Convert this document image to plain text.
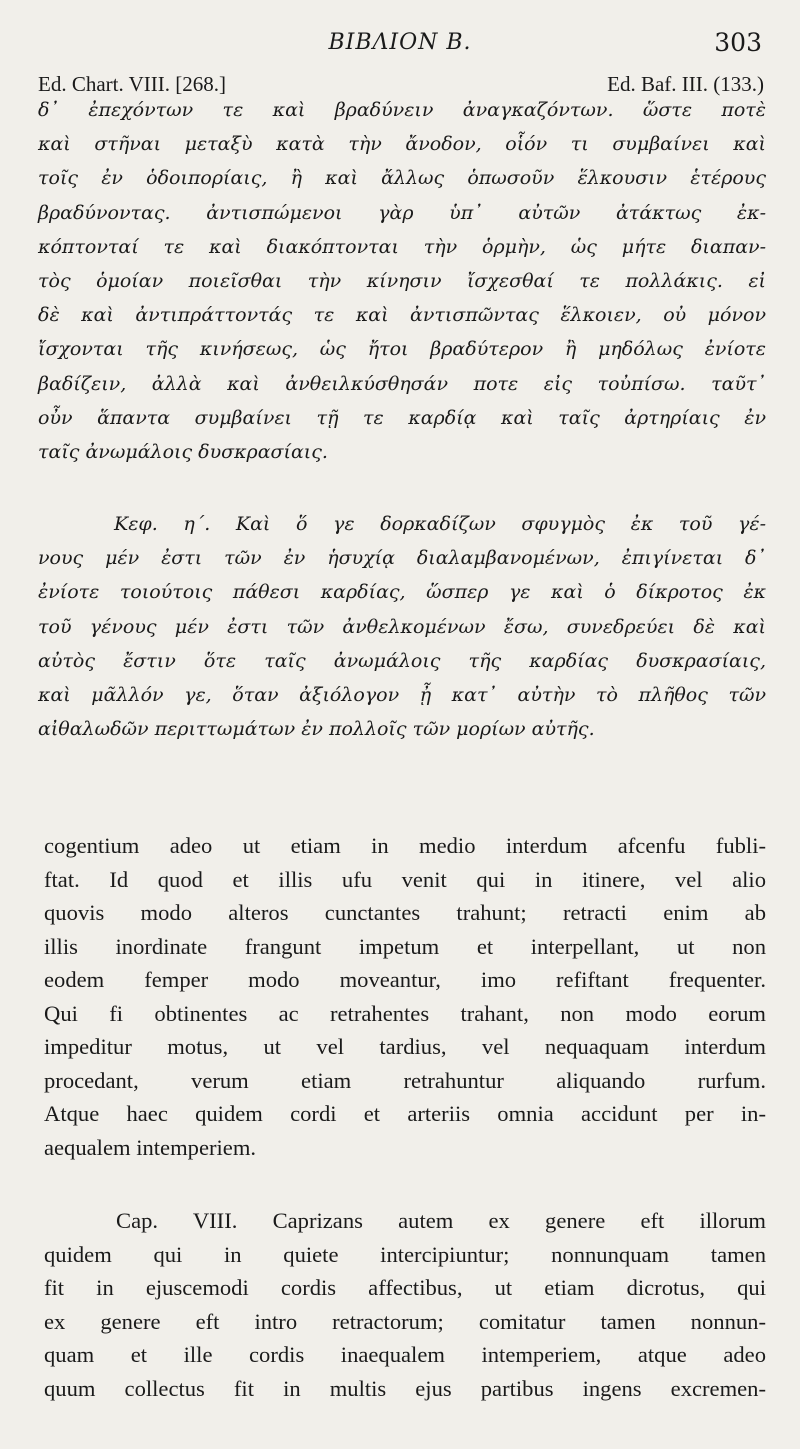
ΒΙΒΛΙΟΝ Β.	303
Ed. Chart. VIII. [268.]	Ed. Baf. III. (133.)
δ᾽ ἐπεχόντων τε καὶ βραδύνειν ἀναγκαζόντων. ὥστε ποτὲ
καὶ στῆναι μεταξὺ κατὰ τὴν ἄνοδον, οἷόν τι συμβαίνει καὶ
τοῖς ἐν ὁδοιπορίαις, ἢ καὶ ἄλλως ὁπωσοῦν ἕλκουσιν ἑτέρους
βραδύνοντας. ἀντισπώμενοι γὰρ ὑπ᾽ αὐτῶν ἀτάκτως ἐκ-
κόπτονταί τε καὶ διακόπτονται τὴν ὁρμὴν, ὡς μήτε διαπαν-
τὸς ὁμοίαν ποιεῖσθαι τὴν κίνησιν ἴσχεσθαί τε πολλάκις. εἰ
δὲ καὶ ἀντιπράττοντάς τε καὶ ἀντισπῶντας ἕλκοιεν, οὐ μόνον
ἴσχονται τῆς κινήσεως, ὡς ἤτοι βραδύτερον ἢ μηδόλως ἐνίοτε
βαδίζειν, ἀλλὰ καὶ ἀνθειλκύσθησάν ποτε εἰς τοὐπίσω. ταῦτ᾽
οὖν ἅπαντα συμβαίνει τῇ τε καρδίᾳ καὶ ταῖς ἀρτηρίαις ἐν
ταῖς ἀνωμάλοις δυσκρασίαις.
Κεφ. η΄. Καὶ ὅ γε δορκαδίζων σφυγμὸς ἐκ τοῦ γέ-
νους μέν ἐστι τῶν ἐν ἡσυχίᾳ διαλαμβανομένων, ἐπιγίνεται δ᾽
ἐνίοτε τοιούτοις πάθεσι καρδίας, ὥσπερ γε καὶ ὁ δίκροτος ἐκ
τοῦ γένους μέν ἐστι τῶν ἀνθελκομένων ἔσω, συνεδρεύει δὲ καὶ
αὐτὸς ἔστιν ὅτε ταῖς ἀνωμάλοις τῆς καρδίας δυσκρασίαις,
καὶ μᾶλλόν γε, ὅταν ἀξιόλογον ᾖ κατ᾽ αὐτὴν τὸ πλῆθος τῶν
αἰθαλωδῶν περιττωμάτων ἐν πολλοῖς τῶν μορίων αὐτῆς.
cogentium adeo ut etiam in medio interdum afcenfu fubli-
ftat. Id quod et illis ufu venit qui in itinere, vel alio
quovis modo alteros cunctantes trahunt; retracti enim ab
illis inordinate frangunt impetum et interpellant, ut non
eodem femper modo moveantur, imo refiftant frequenter.
Qui fi obtinentes ac retrahentes trahant, non modo eorum
impeditur motus, ut vel tardius, vel nequaquam interdum
procedant, verum etiam retrahuntur aliquando rurfum.
Atque haec quidem cordi et arteriis omnia accidunt per in-
aequalem intemperiem.
Cap. VIII. Caprizans autem ex genere eft illorum
quidem qui in quiete intercipiuntur; nonnunquam tamen
fit in ejuscemodi cordis affectibus, ut etiam dicrotus, qui
ex genere eft intro retractorum; comitatur tamen nonnun-
quam et ille cordis inaequalem intemperiem, atque adeo
quum collectus fit in multis ejus partibus ingens excremen-
